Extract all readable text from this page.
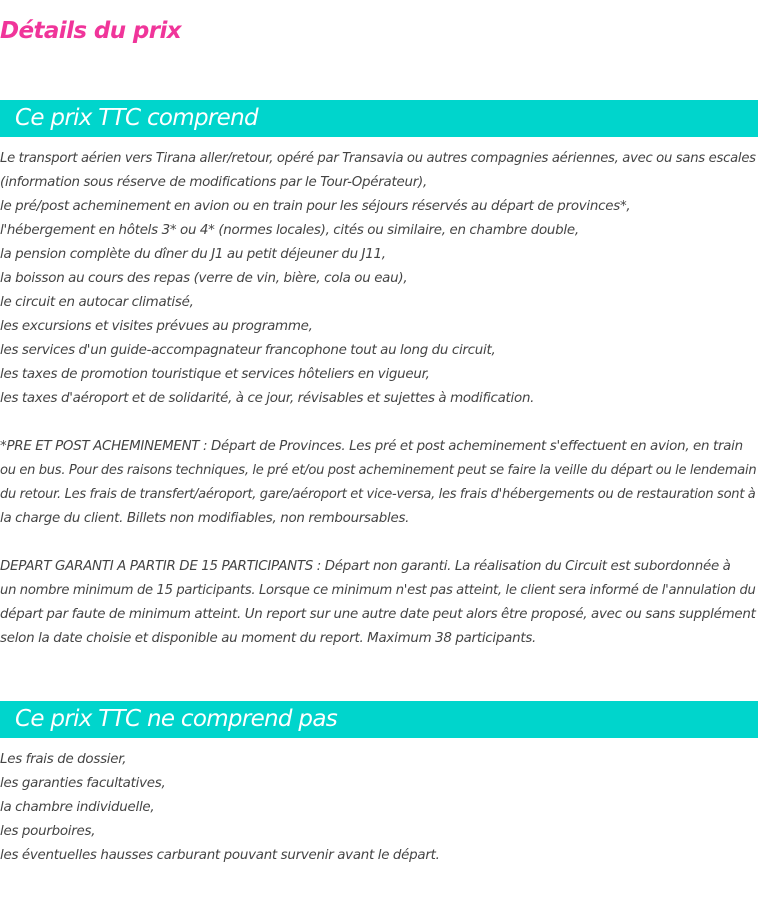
Détails du prix
Ce prix TTC comprend

Le transport aérien vers Tirana aller/retour, opéré par Transavia ou autres compagnies aériennes, avec ou sans escales
(information sous réserve de modifications par le Tour-Opérateur),
le pré/post acheminement en avion ou en train pour les séjours réservés au départ de provinces*,
l'hébergement en hôtels 3* ou 4* (normes locales), cités ou similaire, en chambre double,
la pension complète du dîner du J1 au petit déjeuner du J11,
la boisson au cours des repas (verre de vin, bière, cola ou eau),
le circuit en autocar climatisé,
les excursions et visites prévues au programme,
les services d'un guide-accompagnateur francophone tout au long du circuit,
les taxes de promotion touristique et services hôteliers en vigueur,
les taxes d'aéroport et de solidarité, à ce jour, révisables et sujettes à modification.

*PRE ET POST ACHEMINEMENT : Départ de Provinces. Les pré et post acheminement s'effectuent en avion, en train
ou en bus. Pour des raisons techniques, le pré et/ou post acheminement peut se faire la veille du départ ou le lendemain
du retour. Les frais de transfert/aéroport, gare/aéroport et vice-versa, les frais d'hébergements ou de restauration sont à
la charge du client. Billets non modifiables, non remboursables.

DEPART GARANTI A PARTIR DE 15 PARTICIPANTS : Départ non garanti. La réalisation du Circuit est subordonnée à
un nombre minimum de 15 participants. Lorsque ce minimum n'est pas atteint, le client sera informé de l'annulation du
départ par faute de minimum atteint. Un report sur une autre date peut alors être proposé, avec ou sans supplément
selon la date choisie et disponible au moment du report. Maximum 38 participants.

Ce prix TTC ne comprend pas

Les frais de dossier,
les garanties facultatives,
la chambre individuelle,
les pourboires,
les éventuelles hausses carburant pouvant survenir avant le départ.
